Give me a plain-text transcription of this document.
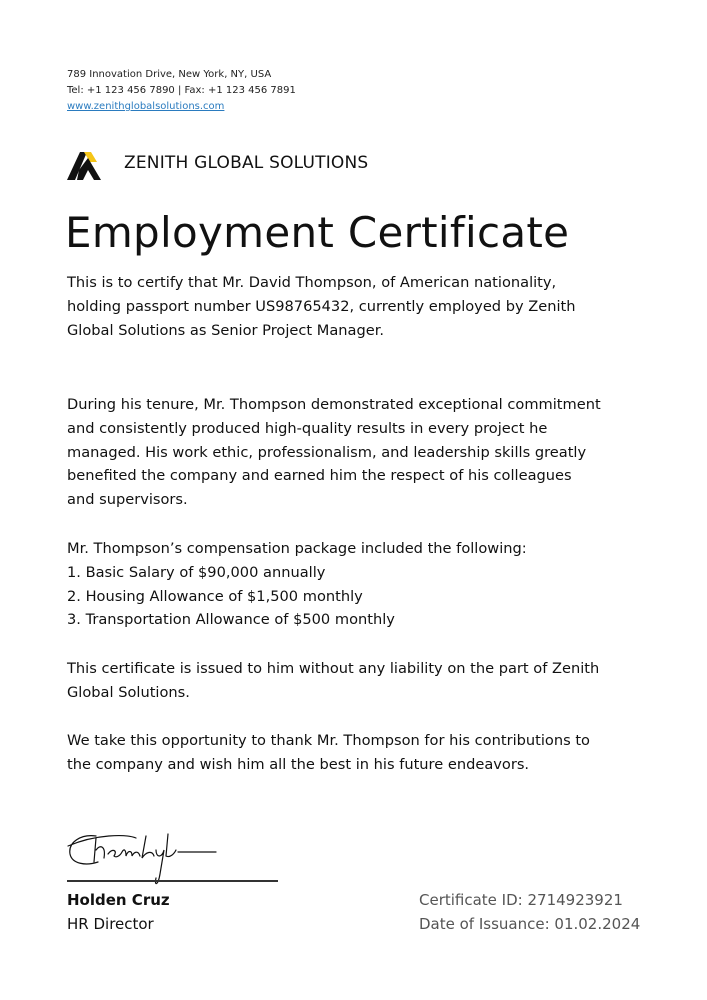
789 Innovation Drive, New York, NY, USA
Tel: +1 123 456 7890 | Fax: +1 123 456 7891
www.zenithglobalsolutions.com
ZENITH GLOBAL SOLUTIONS
Employment Certificate
This is to certify that Mr. David Thompson, of American nationality,
holding passport number US98765432, currently employed by Zenith
Global Solutions as Senior Project Manager.
During his tenure, Mr. Thompson demonstrated exceptional commitment
and consistently produced high-quality results in every project he
managed. His work ethic, professionalism, and leadership skills greatly
benefited the company and earned him the respect of his colleagues
and supervisors.
Mr. Thompson’s compensation package included the following:
1. Basic Salary of $90,000 annually
2. Housing Allowance of $1,500 monthly
3. Transportation Allowance of $500 monthly
This certificate is issued to him without any liability on the part of Zenith
Global Solutions.
We take this opportunity to thank Mr. Thompson for his contributions to
the company and wish him all the best in his future endeavors.
Holden Cruz
HR Director
Certificate ID: 2714923921
Date of Issuance: 01.02.2024
